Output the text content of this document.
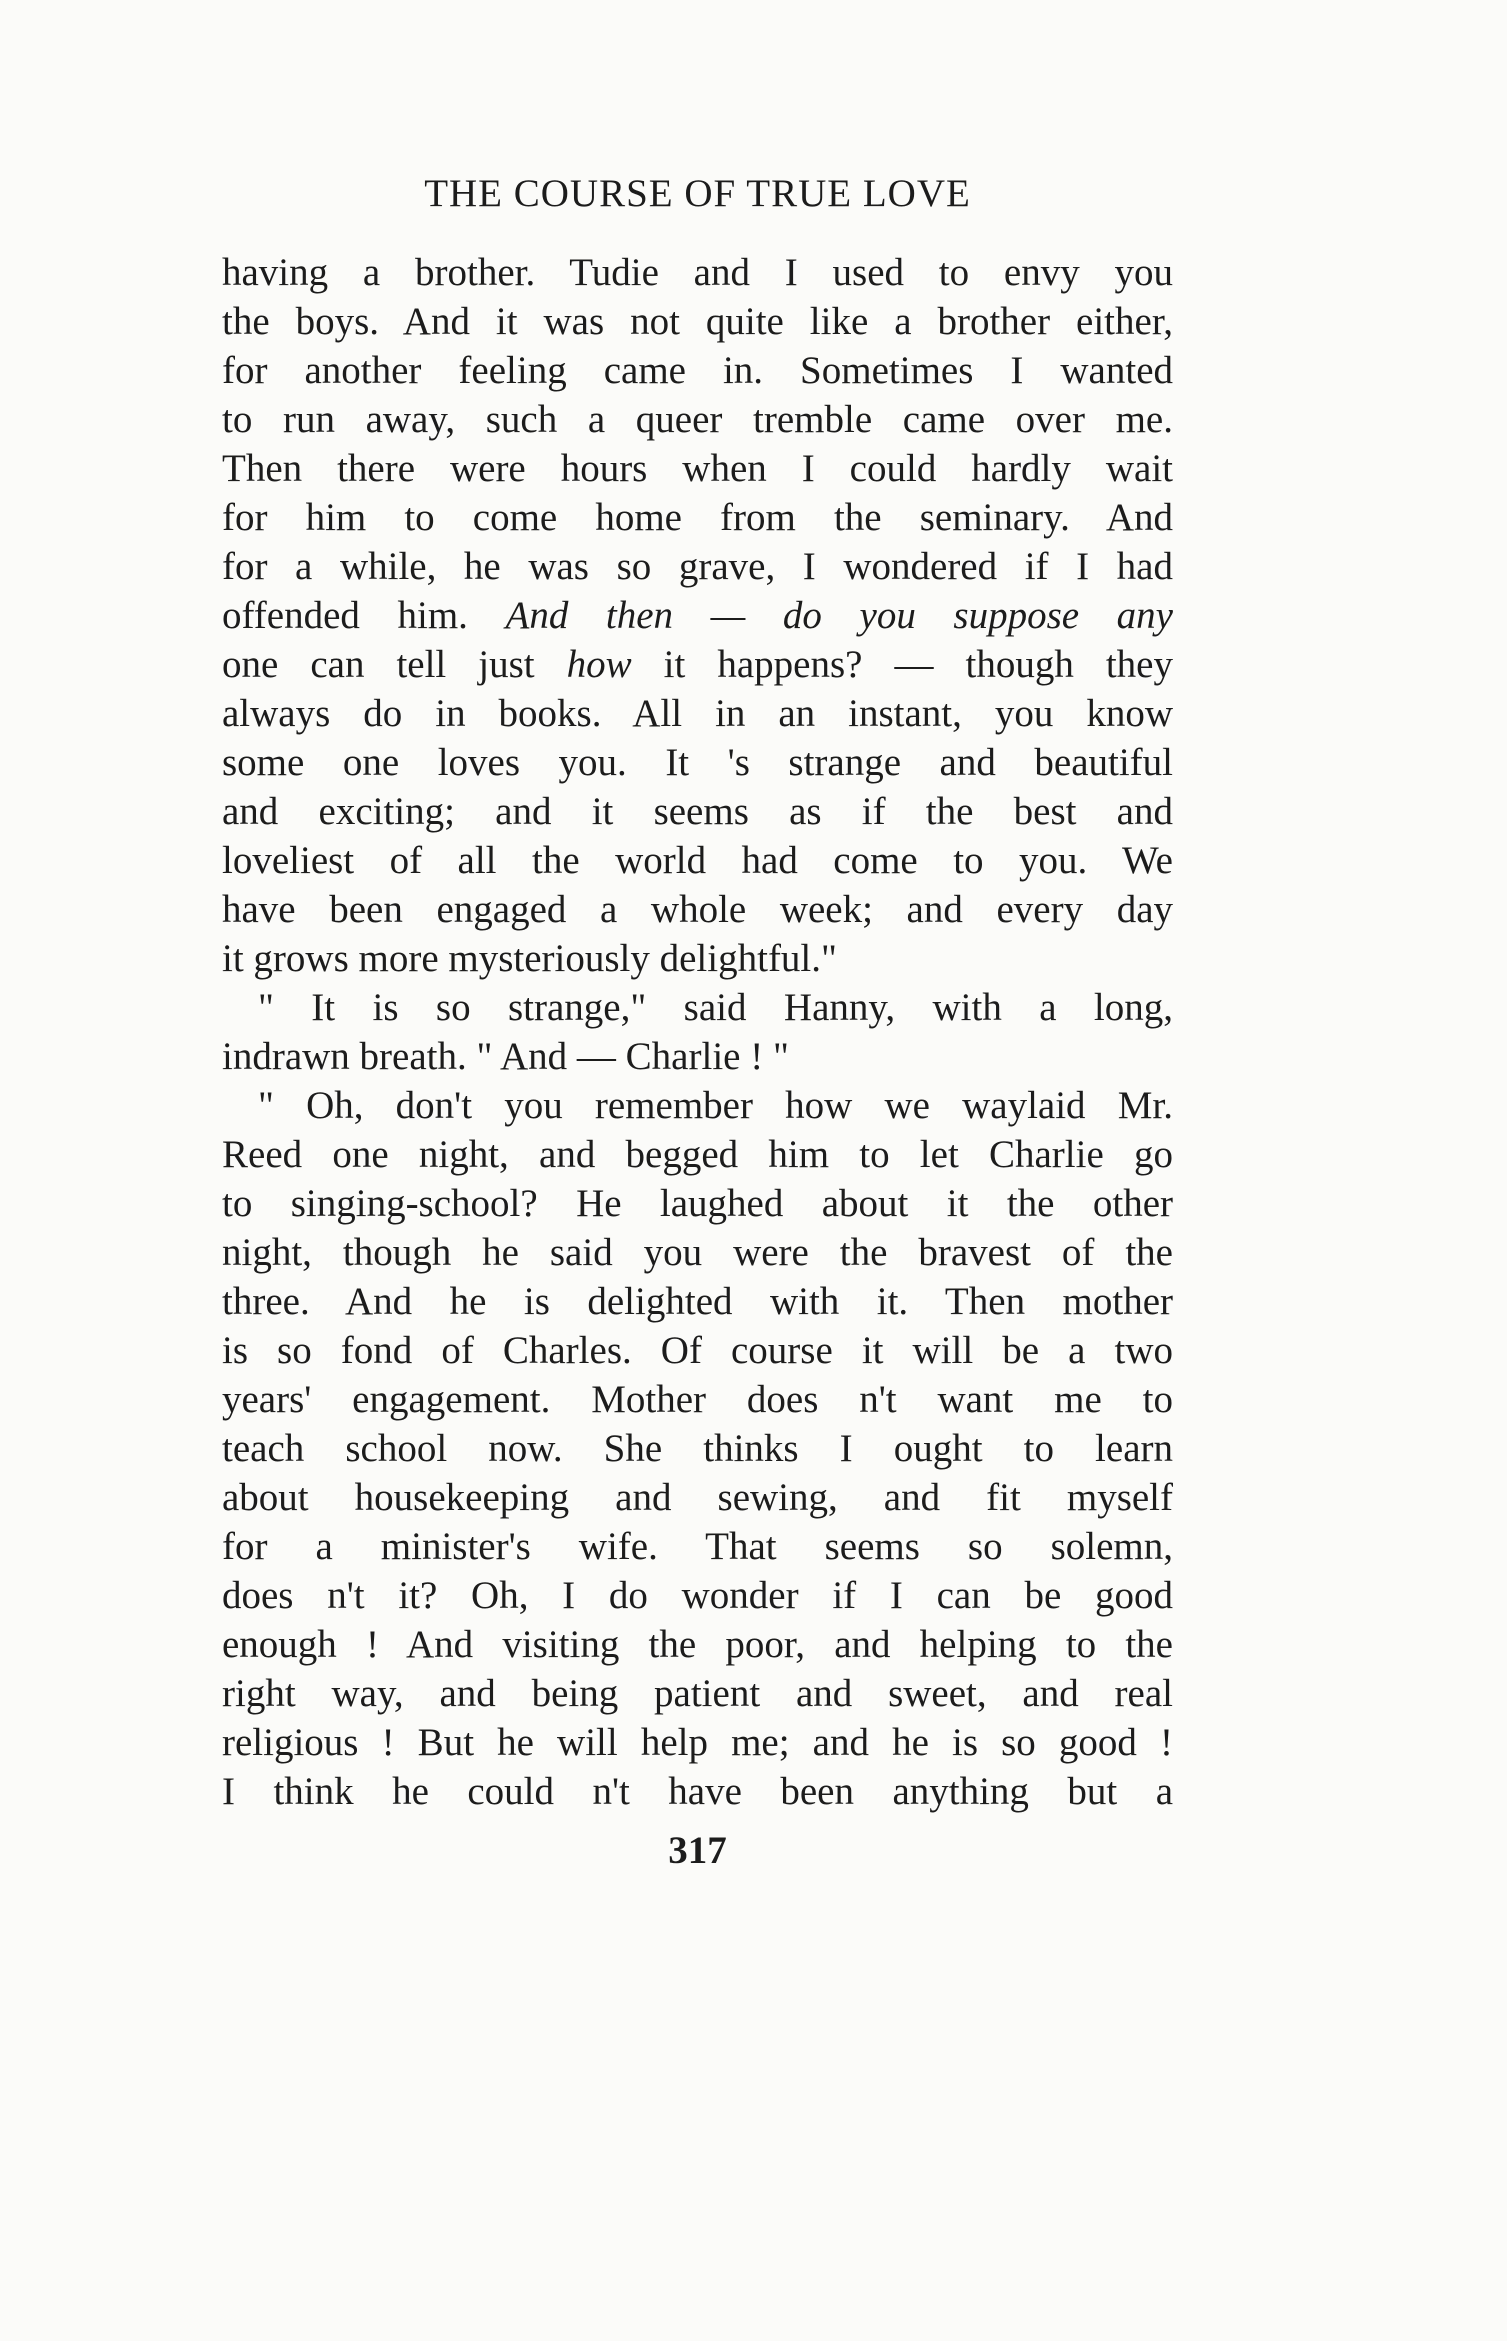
THE COURSE OF TRUE LOVE
having a brother. Tudie and I used to envy you
the boys. And it was not quite like a brother either,
for another feeling came in. Sometimes I wanted
to run away, such a queer tremble came over me.
Then there were hours when I could hardly wait
for him to come home from the seminary. And
for a while, he was so grave, I wondered if I had
offended him. And then — do you suppose any
one can tell just how it happens? — though they
always do in books. All in an instant, you know
some one loves you. It 's strange and beautiful
and exciting; and it seems as if the best and
loveliest of all the world had come to you. We
have been engaged a whole week; and every day
it grows more mysteriously delightful."
" It is so strange," said Hanny, with a long,
indrawn breath. " And — Charlie ! "
" Oh, don't you remember how we waylaid Mr.
Reed one night, and begged him to let Charlie go
to singing-school? He laughed about it the other
night, though he said you were the bravest of the
three. And he is delighted with it. Then mother
is so fond of Charles. Of course it will be a two
years' engagement. Mother does n't want me to
teach school now. She thinks I ought to learn
about housekeeping and sewing, and fit myself
for a minister's wife. That seems so solemn,
does n't it? Oh, I do wonder if I can be good
enough ! And visiting the poor, and helping to the
right way, and being patient and sweet, and real
religious ! But he will help me; and he is so good !
I think he could n't have been anything but a
317
